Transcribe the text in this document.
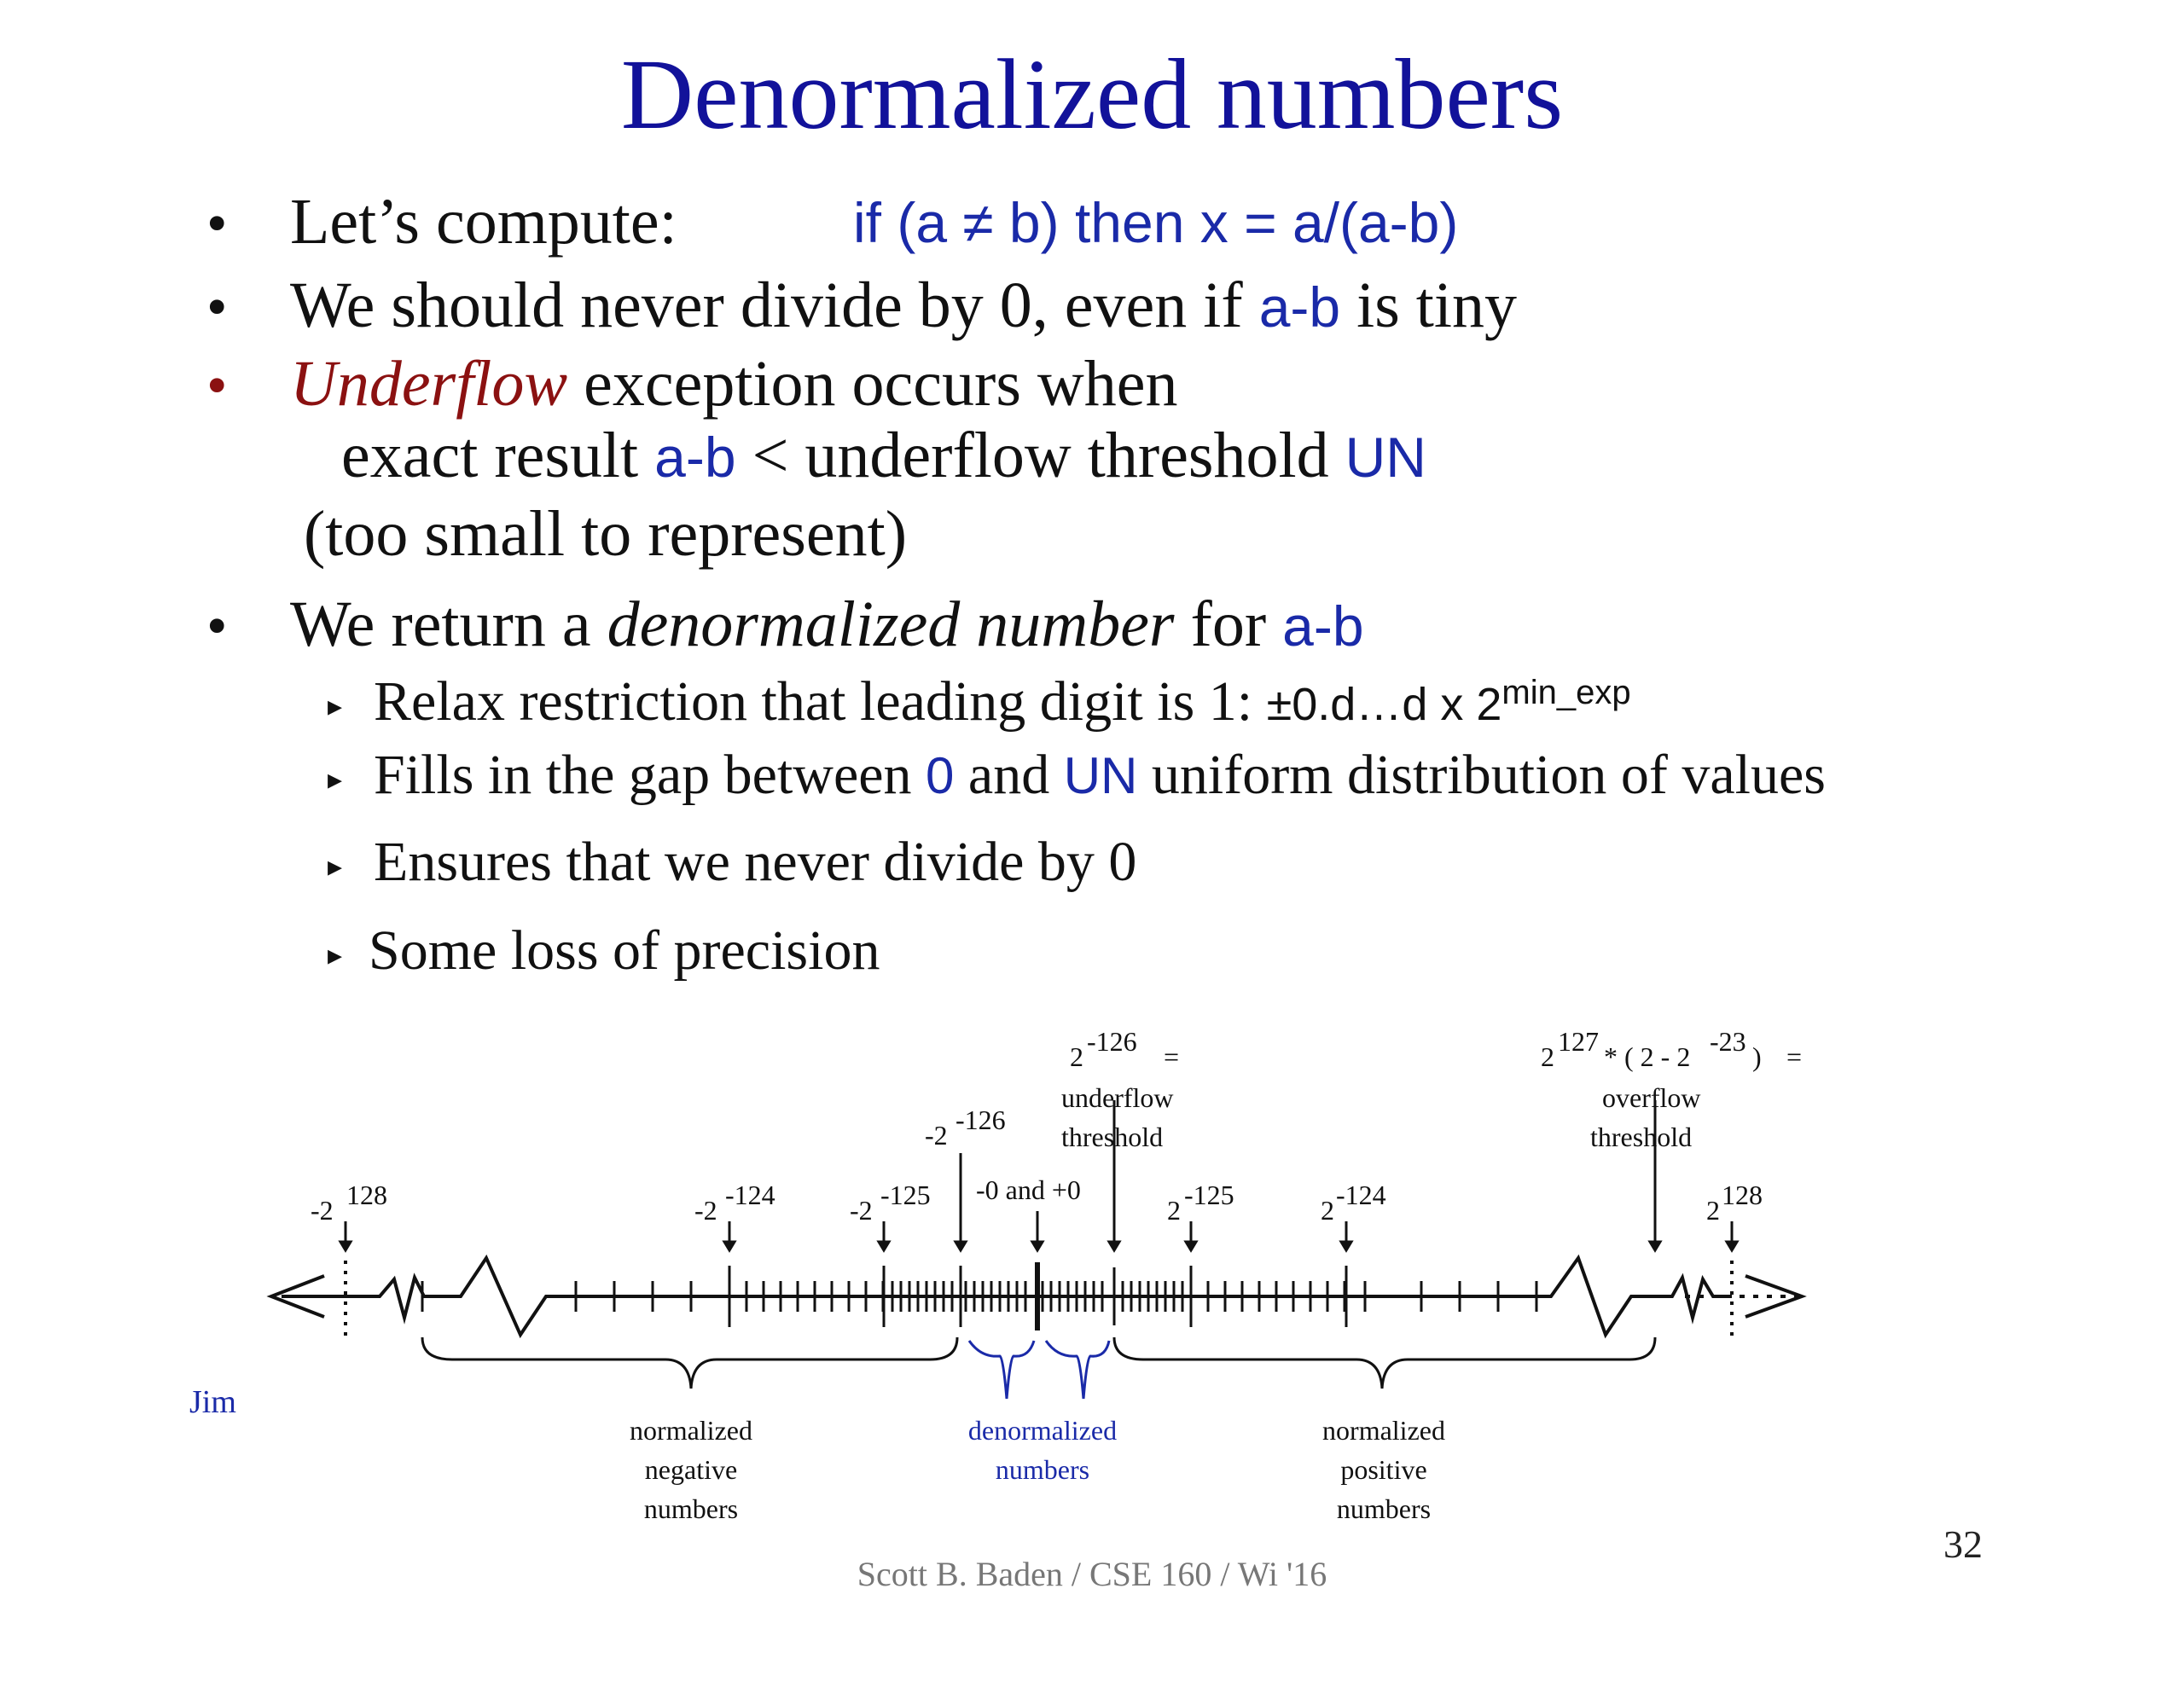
Denormalized numbers
• Let’s compute:	if (a ≠ b) then x = a/(a-b)
• We should never divide by 0, even if a-b is tiny
• Underflow exception occurs when
exact result a-b < underflow threshold UN
(too small to represent)
• We return a denormalized number for a-b
▸ Relax restriction that leading digit is 1: ±0.d…d x $2^{min\_exp}$
▸ Fills in the gap between 0 and UN uniform distribution of values
▸ Ensures that we never divide by 0
▸ Some loss of precision
-2 128	-2 -124	-2 -125
-2 -126
-0 and +0
2 -125	2 -124	2 128
2 -126 =
underflow
threshold
2 127 * ( 2 - 2 -23 ) =
overflow
threshold
normalized
negative
numbers
denormalized
numbers
normalized
positive
numbers
Jim
Scott B. Baden / CSE 160 / Wi '16
32
